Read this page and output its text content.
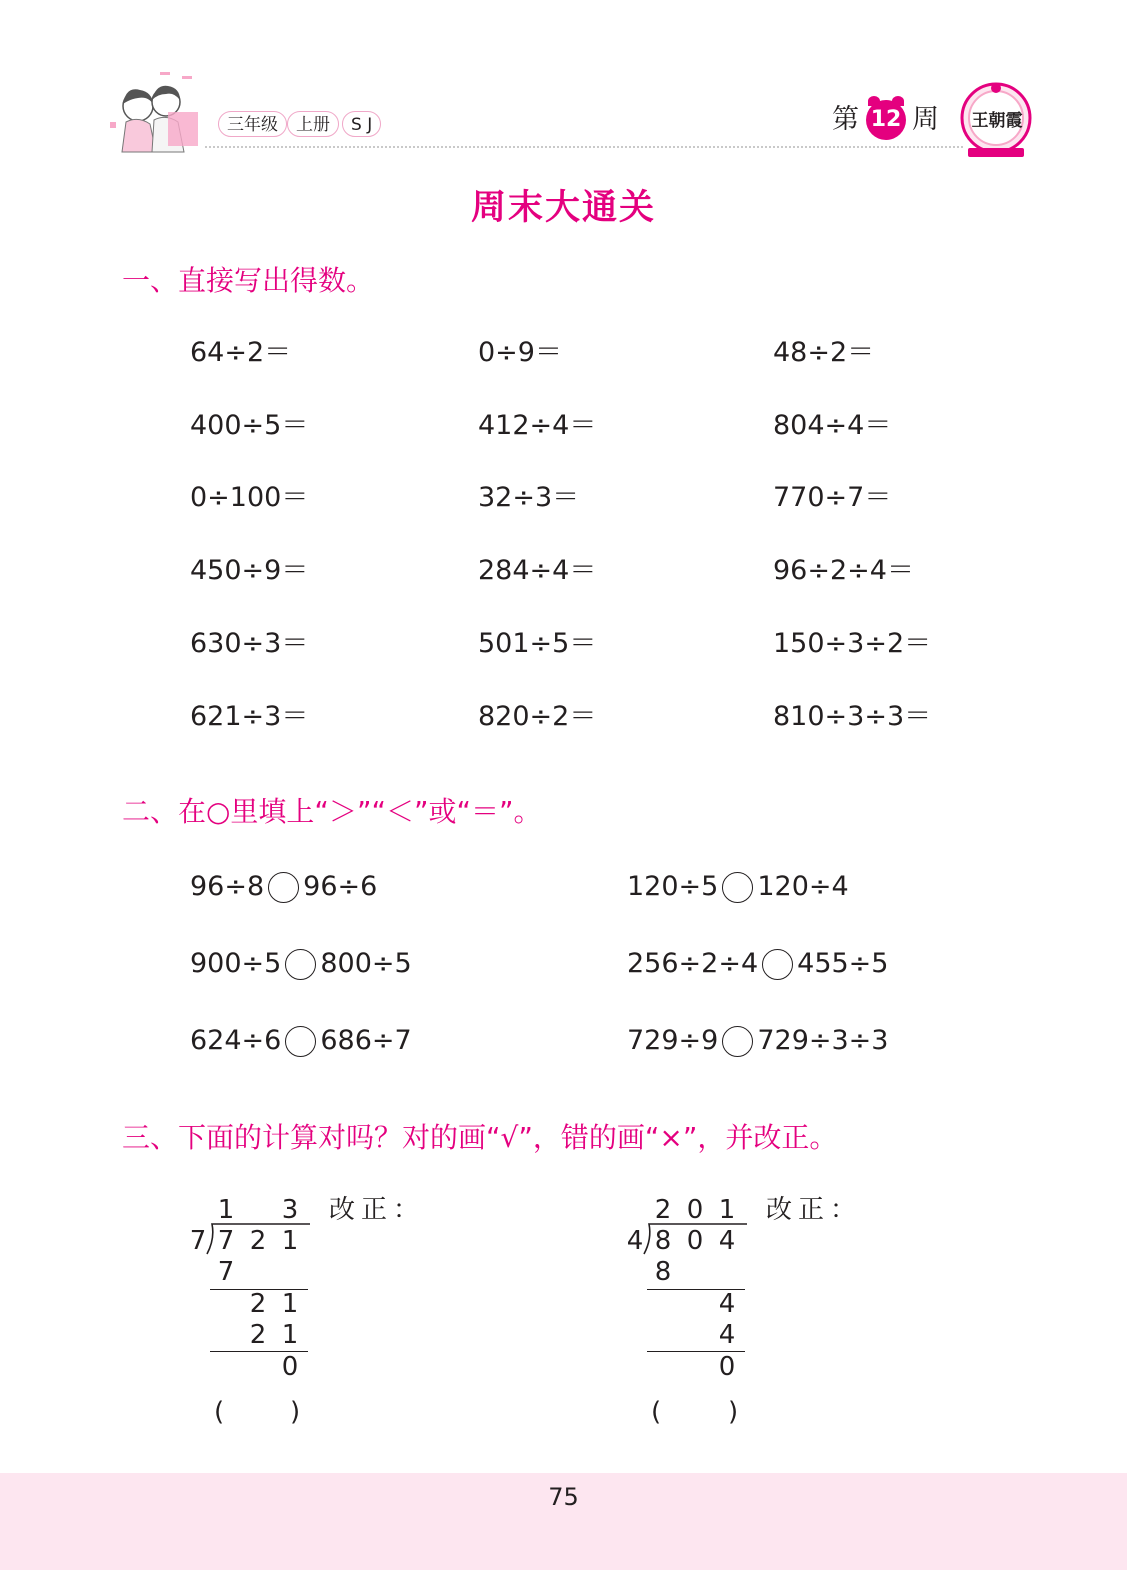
三年级	上册	S J	第 12 周	王朝霞
周末大通关
一、直接写出得数。
64÷2＝	0÷9＝	48÷2＝
400÷5＝	412÷4＝	804÷4＝
0÷100＝	32÷3＝	770÷7＝
450÷9＝	284÷4＝	96÷2÷4＝
630÷3＝	501÷5＝	150÷3÷2＝
621÷3＝	820÷2＝	810÷3÷3＝
二、在○里填上“＞”“＜”或“＝”。
96÷8 96÷6	120÷5 120÷4
900÷5 800÷5	256÷2÷4 455÷5
624÷6 686÷7	729÷9 729÷3÷3
三、下面的计算对吗？对的画“√”，错的画“×”，并改正。
1 3
7 7 2 1
7
2 1
2 1
0
改正：
(	)
2 0 1
4 8 0 4
8
4
4
0
改正：
(	)
75
